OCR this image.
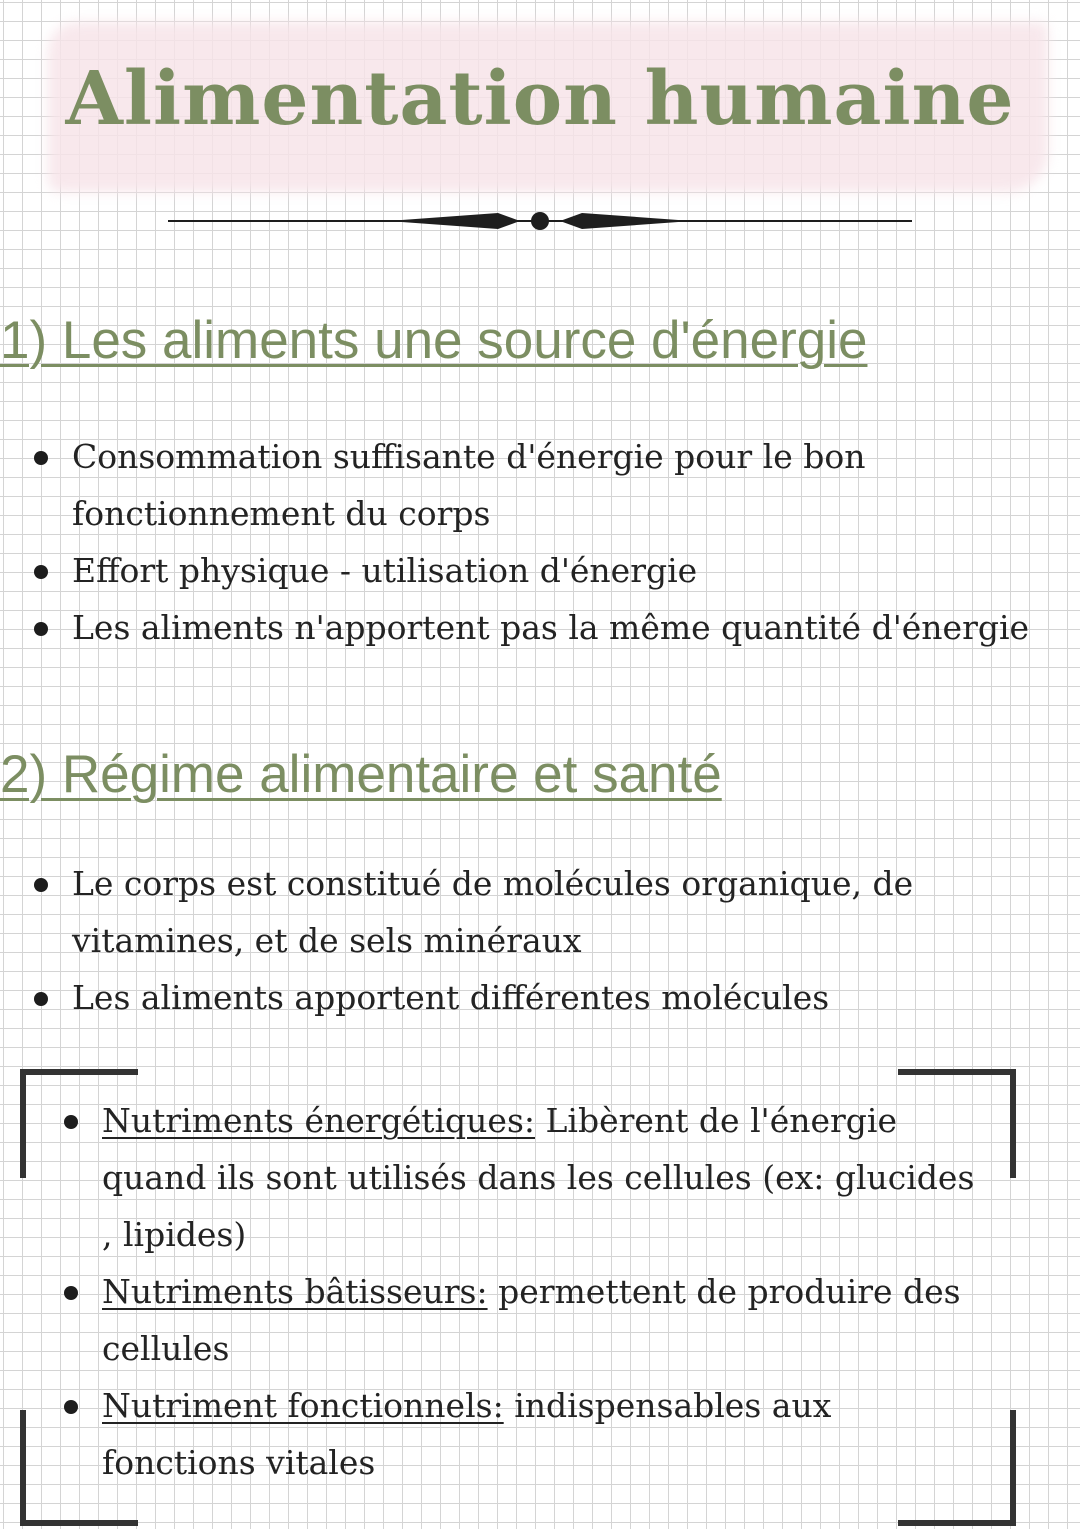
Alimentation humaine
1) Les aliments une source d'énergie
Consommation suffisante d'énergie pour le bon fonctionnement du corps
Effort physique - utilisation d'énergie
Les aliments n'apportent pas la même quantité d'énergie
2) Régime alimentaire et santé
Le corps est constitué de molécules organique, de vitamines, et de sels minéraux
Les aliments apportent différentes molécules
Nutriments énergétiques: Libèrent de l'énergie quand ils sont utilisés dans les cellules (ex: glucides , lipides)
Nutriments bâtisseurs: permettent de produire des cellules
Nutriment fonctionnels: indispensables aux fonctions vitales
